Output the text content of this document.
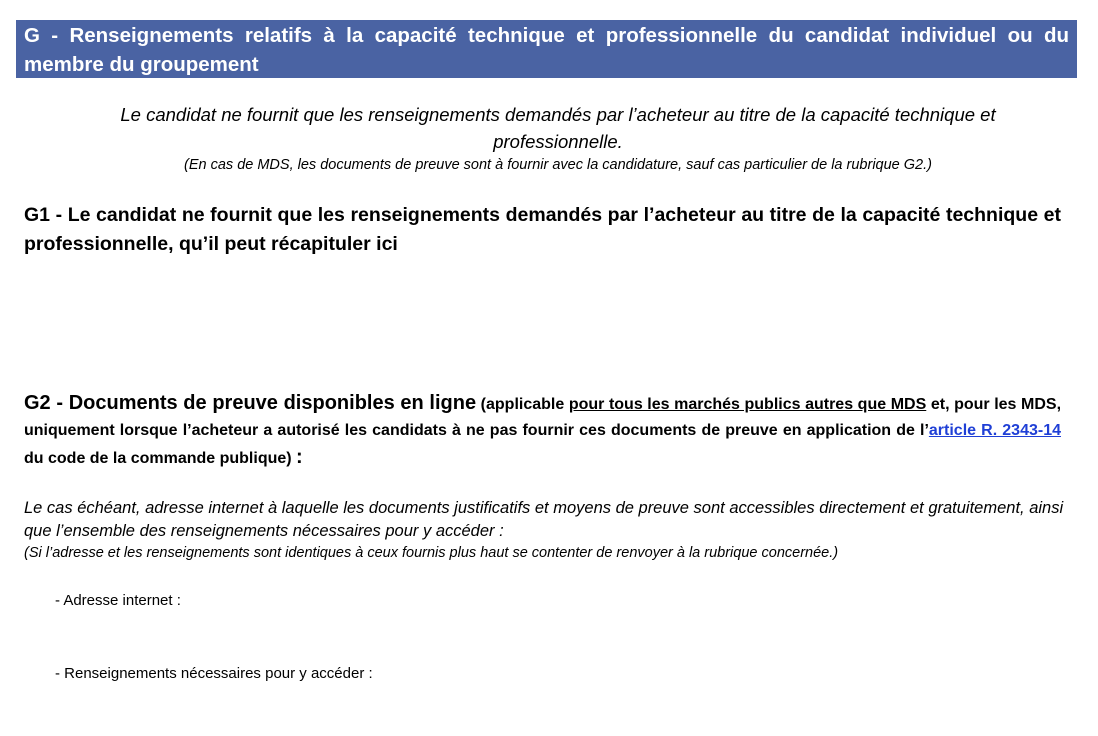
G - Renseignements relatifs à la capacité technique et professionnelle du candidat individuel ou du membre du groupement

Le candidat ne fournit que les renseignements demandés par l’acheteur au titre de la capacité technique et professionnelle.

(En cas de MDS, les documents de preuve sont à fournir avec la candidature, sauf cas particulier de la rubrique G2.)

G1 - Le candidat ne fournit que les renseignements demandés par l’acheteur au titre de la capacité technique et professionnelle, qu’il peut récapituler ici

G2 - Documents de preuve disponibles en ligne (applicable pour tous les marchés publics autres que MDS et, pour les MDS, uniquement lorsque l’acheteur a autorisé les candidats à ne pas fournir ces documents de preuve en application de l’article R. 2343-14 du code de la commande publique) :

Le cas échéant, adresse internet à laquelle les documents justificatifs et moyens de preuve sont accessibles directement et gratuitement, ainsi que l’ensemble des renseignements nécessaires pour y accéder :

(Si l’adresse et les renseignements sont identiques à ceux fournis plus haut se contenter de renvoyer à la rubrique concernée.)

- Adresse internet :

- Renseignements nécessaires pour y accéder :
